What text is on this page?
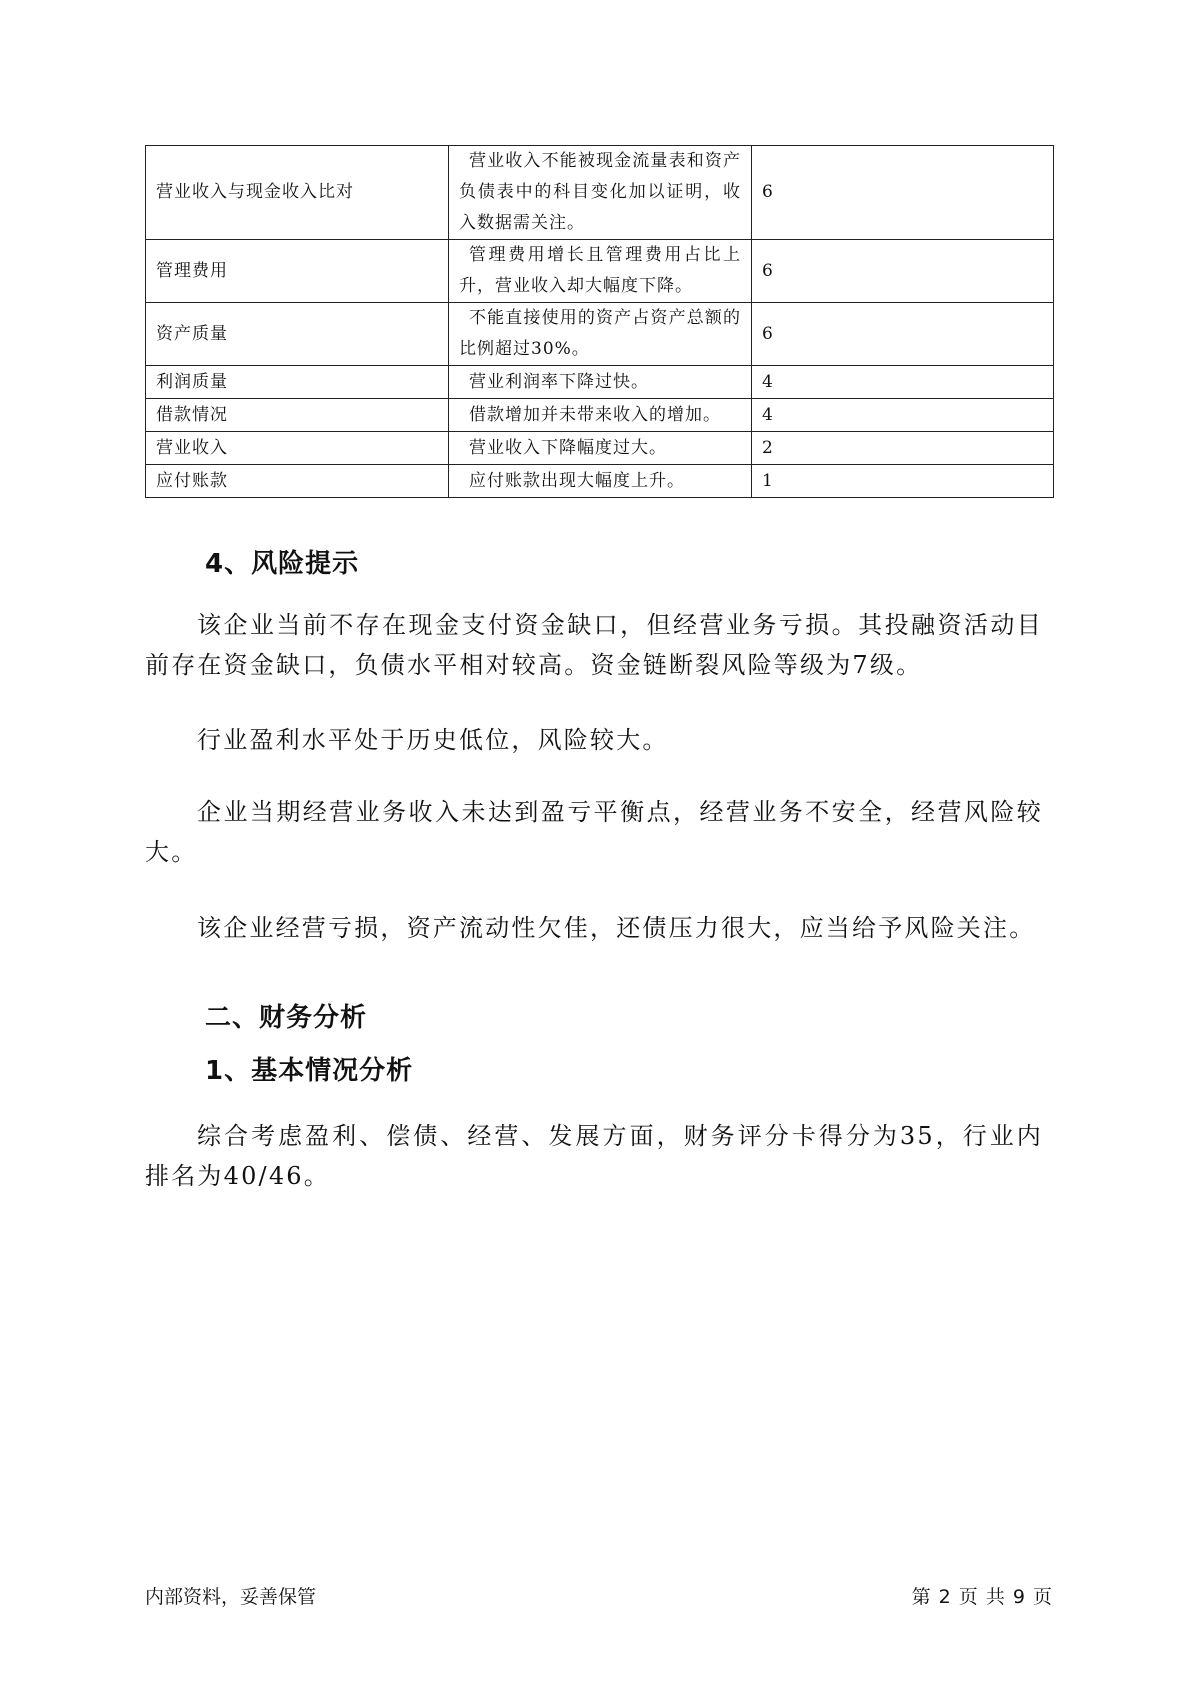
营业收入与现金收入比对	营业收入不能被现金流量表和资产负债表中的科目变化加以证明，收入数据需关注。	6
管理费用	管理费用增长且管理费用占比上升，营业收入却大幅度下降。	6
资产质量	不能直接使用的资产占资产总额的比例超过30%。	6
利润质量	营业利润率下降过快。	4
借款情况	借款增加并未带来收入的增加。	4
营业收入	营业收入下降幅度过大。	2
应付账款	应付账款出现大幅度上升。	1
4、风险提示

该企业当前不存在现金支付资金缺口，但经营业务亏损。其投融资活动目前存在资金缺口，负债水平相对较高。资金链断裂风险等级为7级。

行业盈利水平处于历史低位，风险较大。

企业当期经营业务收入未达到盈亏平衡点，经营业务不安全，经营风险较大。

该企业经营亏损，资产流动性欠佳，还债压力很大，应当给予风险关注。

二、财务分析
1、基本情况分析

综合考虑盈利、偿债、经营、发展方面，财务评分卡得分为35，行业内排名为40/46。

内部资料，妥善保管	第 2 页 共 9 页
